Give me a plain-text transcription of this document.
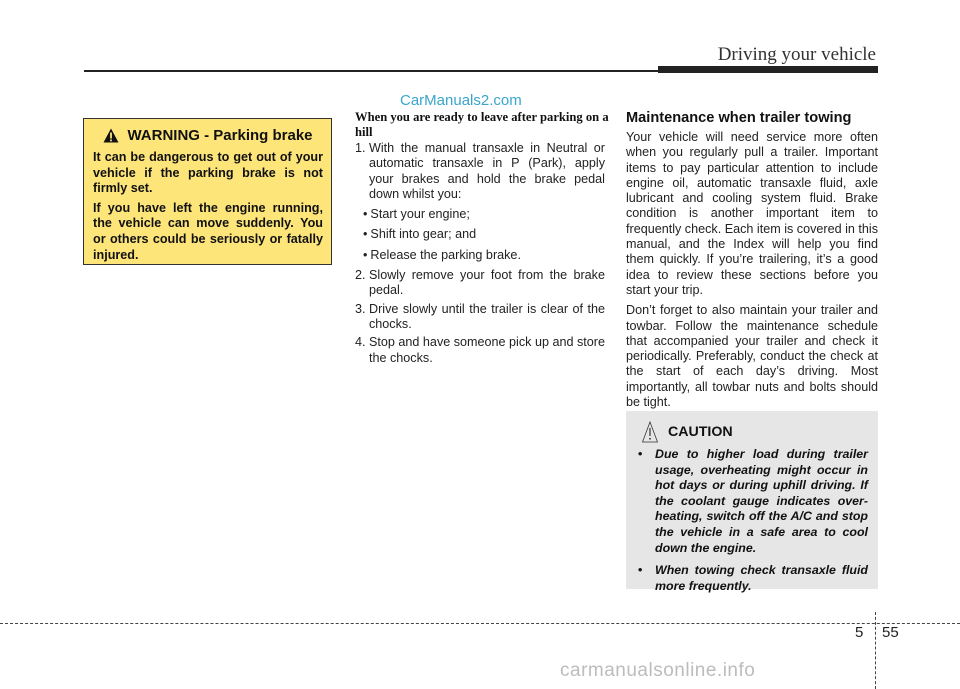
Driving your vehicle
CarManuals2.com
WARNING - Parking brake

It can be dangerous to get out of your vehicle if the parking brake is not firmly set.

If you have left the engine running, the vehicle can move suddenly. You or others could be seriously or fatally injured.

When you are ready to leave after parking on a hill
1. With the manual transaxle in Neutral or automatic transaxle in P (Park), apply your brakes and hold the brake pedal down whilst you:
• Start your engine;
• Shift into gear; and
• Release the parking brake.
2. Slowly remove your foot from the brake pedal.
3. Drive slowly until the trailer is clear of the chocks.
4. Stop and have someone pick up and store the chocks.
Maintenance when trailer towing

Your vehicle will need service more often when you regularly pull a trailer. Important items to pay particular attention to include engine oil, automatic transaxle fluid, axle lubricant and cooling system fluid. Brake condition is another important item to frequently check. Each item is covered in this manual, and the Index will help you find them quickly. If you’re trailering, it’s a good idea to review these sections before you start your trip.

Don’t forget to also maintain your trailer and towbar. Follow the maintenance schedule that accompanied your trailer and check it periodically. Preferably, conduct the check at the start of each day’s driving. Most importantly, all towbar nuts and bolts should be tight.

CAUTION
• Due to higher load during trailer usage, overheating might occur in hot days or during uphill driving. If the coolant gauge indicates over-heating, switch off the A/C and stop the vehicle in a safe area to cool down the engine.
• When towing check transaxle fluid more frequently.
5 55
carmanualsonline.info
